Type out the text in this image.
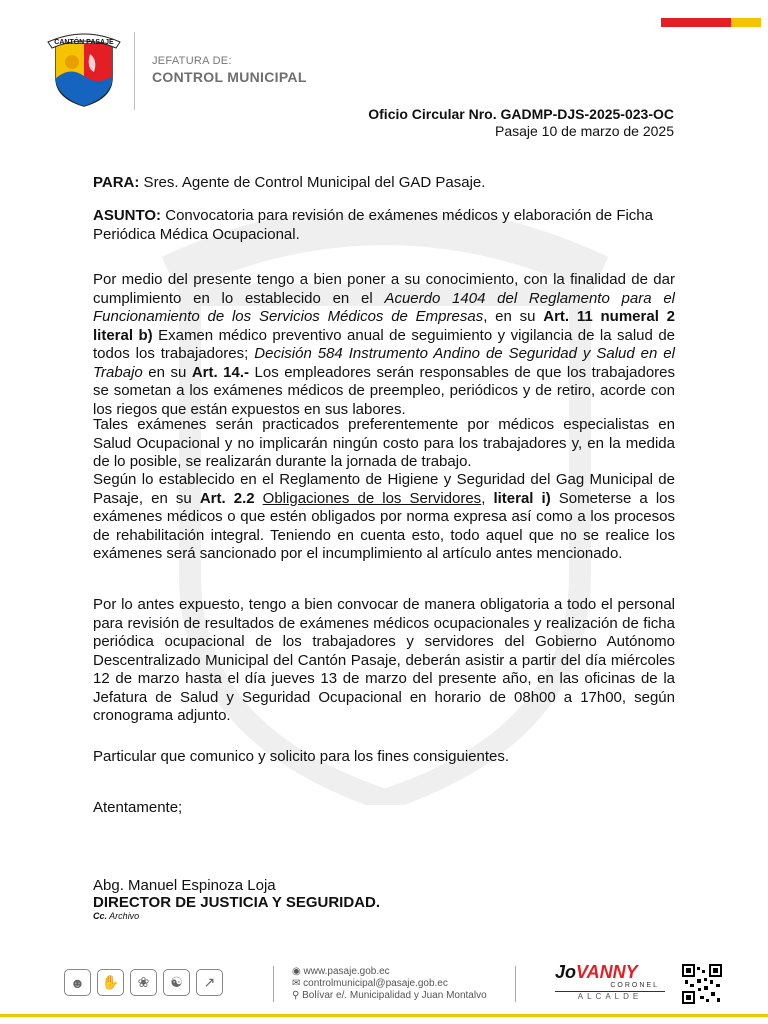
CANTÓN PASAJE
JEFATURA DE:
CONTROL MUNICIPAL
Oficio Circular Nro. GADMP-DJS-2025-023-OC
Pasaje 10 de marzo de 2025
PARA: Sres. Agente de Control Municipal del GAD Pasaje.
ASUNTO: Convocatoria para revisión de exámenes médicos y elaboración de Ficha Periódica Médica Ocupacional.
Por medio del presente tengo a bien poner a su conocimiento, con la finalidad de dar cumplimiento en lo establecido en el Acuerdo 1404 del Reglamento para el Funcionamiento de los Servicios Médicos de Empresas, en su Art. 11 numeral 2 literal b) Examen médico preventivo anual de seguimiento y vigilancia de la salud de todos los trabajadores; Decisión 584 Instrumento Andino de Seguridad y Salud en el Trabajo en su Art. 14.- Los empleadores serán responsables de que los trabajadores se sometan a los exámenes médicos de preempleo, periódicos y de retiro, acorde con los riegos que están expuestos en sus labores.
Tales exámenes serán practicados preferentemente por médicos especialistas en Salud Ocupacional y no implicarán ningún costo para los trabajadores y, en la medida de lo posible, se realizarán durante la jornada de trabajo.
Según lo establecido en el Reglamento de Higiene y Seguridad del Gag Municipal de Pasaje, en su Art. 2.2 Obligaciones de los Servidores, literal i) Someterse a los exámenes médicos o que estén obligados por norma expresa así como a los procesos de rehabilitación integral. Teniendo en cuenta esto, todo aquel que no se realice los exámenes será sancionado por el incumplimiento al artículo antes mencionado.
Por lo antes expuesto, tengo a bien convocar de manera obligatoria a todo el personal para revisión de resultados de exámenes médicos ocupacionales y realización de ficha periódica ocupacional de los trabajadores y servidores del Gobierno Autónomo Descentralizado Municipal del Cantón Pasaje, deberán asistir a partir del día miércoles 12 de marzo hasta el día jueves 13 de marzo del presente año, en las oficinas de la Jefatura de Salud y Seguridad Ocupacional en horario de 08h00 a 17h00, según cronograma adjunto.
Particular que comunico y solicito para los fines consiguientes.
Atentamente;
Abg. Manuel Espinoza Loja
DIRECTOR DE JUSTICIA Y SEGURIDAD.
Cc. Archivo
☻	✋	❀	☯	↗
◉ www.pasaje.gob.ec
✉ controlmunicipal@pasaje.gob.ec
⚲ Bolívar e/. Municipalidad y Juan Montalvo
JoVANNY
CORONEL
ALCALDE
